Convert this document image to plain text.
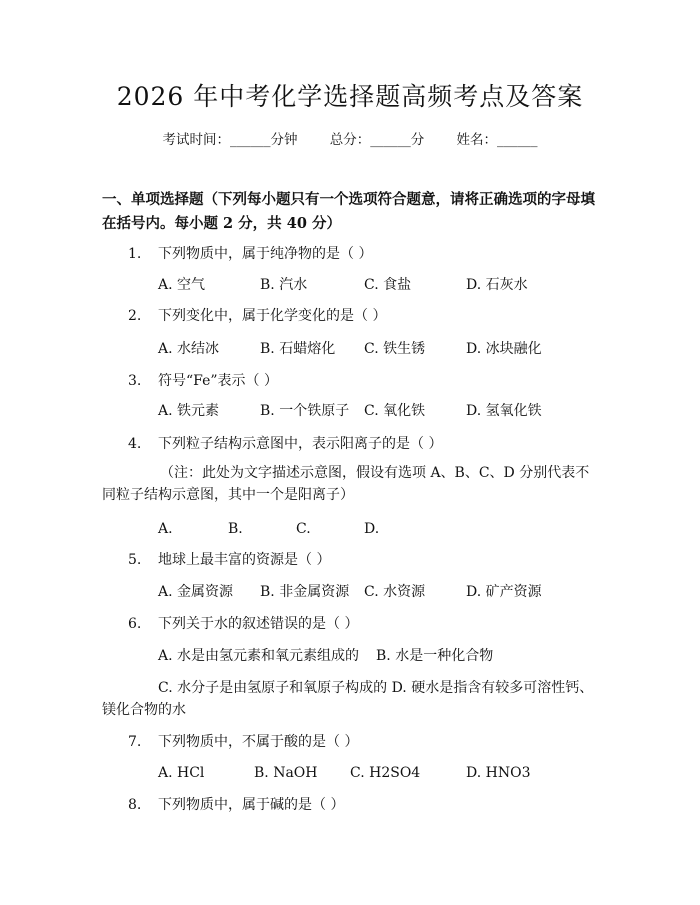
2026 年中考化学选择题高频考点及答案
考试时间：______分钟 总分：______分 姓名：______
一、单项选择题（下列每小题只有一个选项符合题意，请将正确选项的字母填在括号内。每小题 2 分，共 40 分）
1. 下列物质中，属于纯净物的是（ ）
A. 空气	B. 汽水	C. 食盐	D. 石灰水
2. 下列变化中，属于化学变化的是（ ）
A. 水结冰	B. 石蜡熔化 C. 铁生锈	D. 冰块融化
3. 符号“Fe”表示（ ）
A. 铁元素	B. 一个铁原子 C. 氧化铁	D. 氢氧化铁
4. 下列粒子结构示意图中，表示阳离子的是（ ）
（注：此处为文字描述示意图，假设有选项 A、B、C、D 分别代表不同粒子结构示意图，其中一个是阳离子）
A.	B.	C.	D.
5. 地球上最丰富的资源是（ ）
A. 金属资源 B. 非金属资源 C. 水资源	D. 矿产资源
6. 下列关于水的叙述错误的是（ ）
A. 水是由氢元素和氧元素组成的 B. 水是一种化合物
C. 水分子是由氢原子和氧原子构成的 D. 硬水是指含有较多可溶性钙、镁化合物的水
7. 下列物质中，不属于酸的是（ ）
A. HCl	B. NaOH C. H2SO4	D. HNO3
8. 下列物质中，属于碱的是（ ）
